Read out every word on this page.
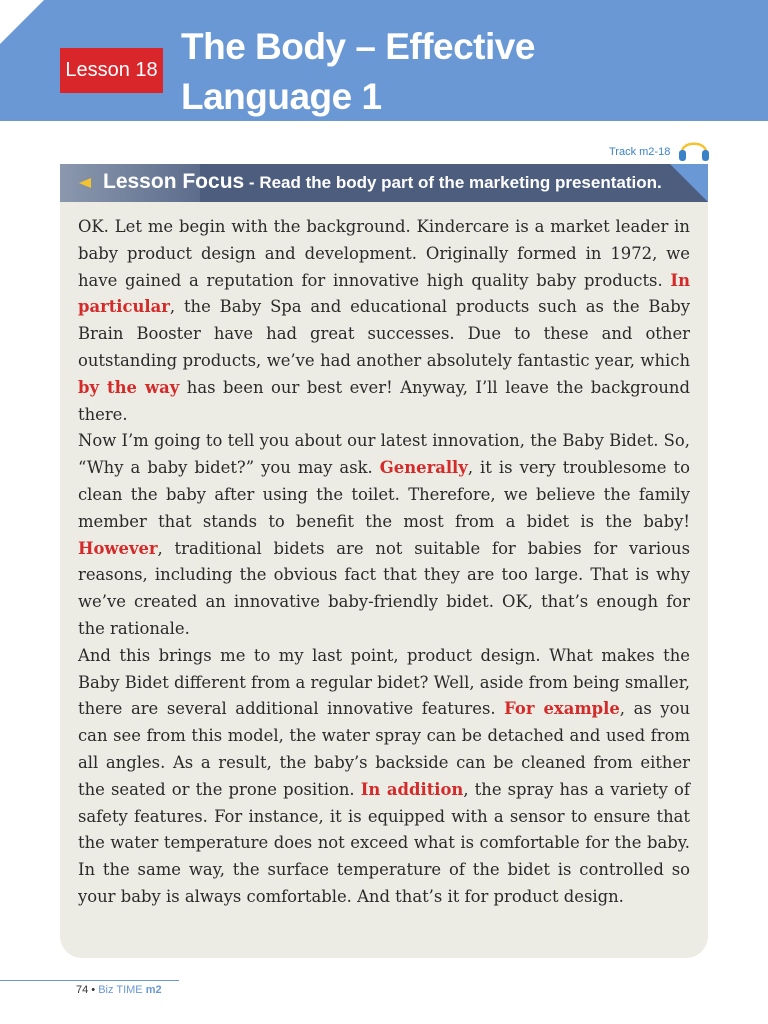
Lesson 18
The Body – Effective
Language 1
Track m2-18
Lesson Focus - Read the body part of the marketing presentation.

OK. Let me begin with the background. Kindercare is a market leader in baby product design and development. Originally formed in 1972, we have gained a reputation for innovative high quality baby products. In particular, the Baby Spa and educational products such as the Baby Brain Booster have had great successes. Due to these and other outstanding products, we’ve had another absolutely fantastic year, which by the way has been our best ever! Anyway, I’ll leave the background there.

Now I’m going to tell you about our latest innovation, the Baby Bidet. So, “Why a baby bidet?” you may ask. Generally, it is very troublesome to clean the baby after using the toilet. Therefore, we believe the family member that stands to benefit the most from a bidet is the baby! However, traditional bidets are not suitable for babies for various reasons, including the obvious fact that they are too large. That is why we’ve created an innovative baby-friendly bidet. OK, that’s enough for the rationale.

And this brings me to my last point, product design. What makes the Baby Bidet different from a regular bidet? Well, aside from being smaller, there are several additional innovative features. For example, as you can see from this model, the water spray can be detached and used from all angles. As a result, the baby’s backside can be cleaned from either the seated or the prone position. In addition, the spray has a variety of safety features. For instance, it is equipped with a sensor to ensure that the water temperature does not exceed what is comfortable for the baby. In the same way, the surface temperature of the bidet is controlled so your baby is always comfortable. And that’s it for product design.

74 • Biz TIME m2
